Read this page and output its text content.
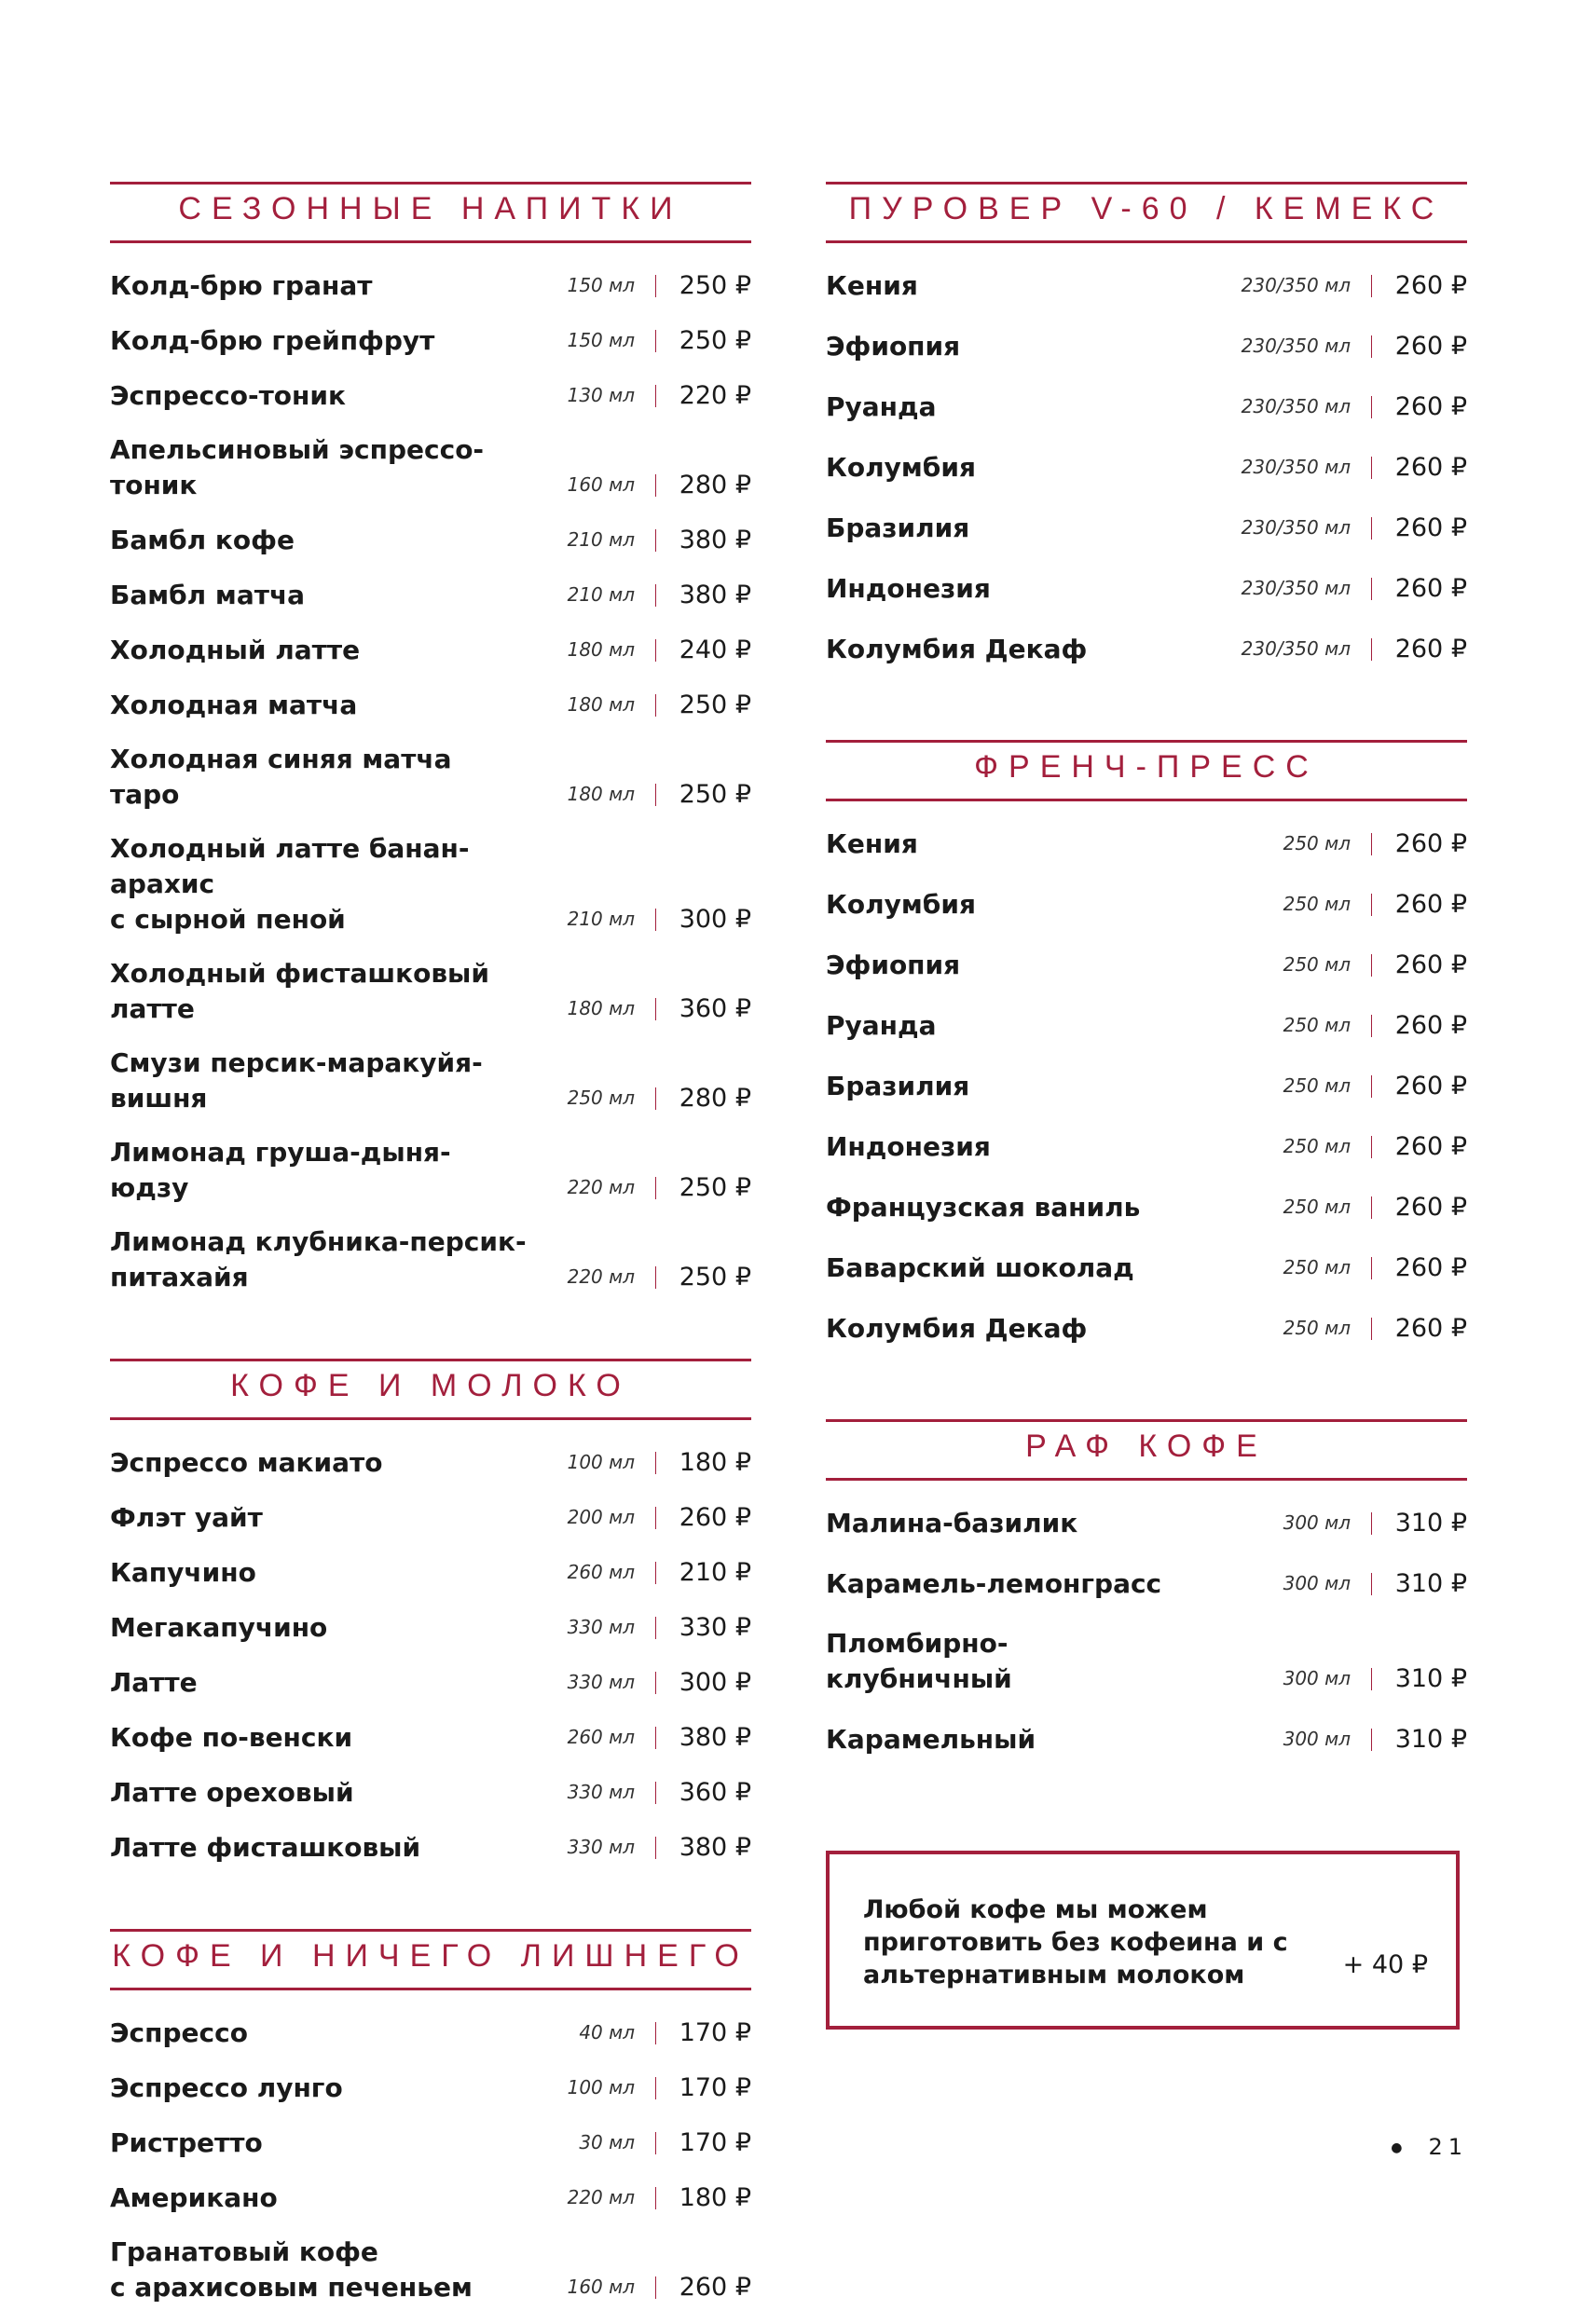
СЕЗОННЫЕ НАПИТКИ
Колд-брю гранат	150 мл 250 ₽
Колд-брю грейпфрут	150 мл 250 ₽
Эспрессо-тоник	130 мл 220 ₽
Апельсиновый эспрессо-тоник	160 мл 280 ₽
Бамбл кофе	210 мл 380 ₽
Бамбл матча	210 мл 380 ₽
Холодный латте	180 мл 240 ₽
Холодная матча	180 мл 250 ₽
Холодная синяя матча таро	180 мл 250 ₽
Холодный латте банан-арахис
с сырной пеной	210 мл 300 ₽
Холодный фисташковый латте	180 мл 360 ₽
Смузи персик-маракуйя-вишня	250 мл 280 ₽
Лимонад груша-дыня-юдзу	220 мл 250 ₽
Лимонад клубника-персик-
питахайя	220 мл 250 ₽
КОФЕ И МОЛОКО
Эспрессо макиато	100 мл 180 ₽
Флэт уайт	200 мл 260 ₽
Капучино	260 мл 210 ₽
Мегакапучино	330 мл 330 ₽
Латте	330 мл 300 ₽
Кофе по-венски	260 мл 380 ₽
Латте ореховый	330 мл 360 ₽
Латте фисташковый	330 мл 380 ₽
КОФЕ И НИЧЕГО ЛИШНЕГО
Эспрессо	40 мл 170 ₽
Эспрессо лунго	100 мл 170 ₽
Ристретто	30 мл 170 ₽
Американо	220 мл 180 ₽
Гранатовый кофе
с арахисовым печеньем	160 мл 260 ₽
ПУРОВЕР V-60 / КЕМЕКС
Кения	230/350 мл 260 ₽
Эфиопия	230/350 мл 260 ₽
Руанда	230/350 мл 260 ₽
Колумбия	230/350 мл 260 ₽
Бразилия	230/350 мл 260 ₽
Индонезия	230/350 мл 260 ₽
Колумбия Декаф	230/350 мл 260 ₽
ФРЕНЧ-ПРЕСС
Кения	250 мл 260 ₽
Колумбия	250 мл 260 ₽
Эфиопия	250 мл 260 ₽
Руанда	250 мл 260 ₽
Бразилия	250 мл 260 ₽
Индонезия	250 мл 260 ₽
Французская ваниль	250 мл 260 ₽
Баварский шоколад	250 мл 260 ₽
Колумбия Декаф	250 мл 260 ₽
РАФ КОФЕ
Малина-базилик	300 мл 310 ₽
Карамель-лемонграсс	300 мл 310 ₽
Пломбирно-клубничный	300 мл 310 ₽
Карамельный	300 мл 310 ₽
Любой кофе мы можем приготовить без кофеина и с альтернативным молоком	+ 40 ₽
● 21
